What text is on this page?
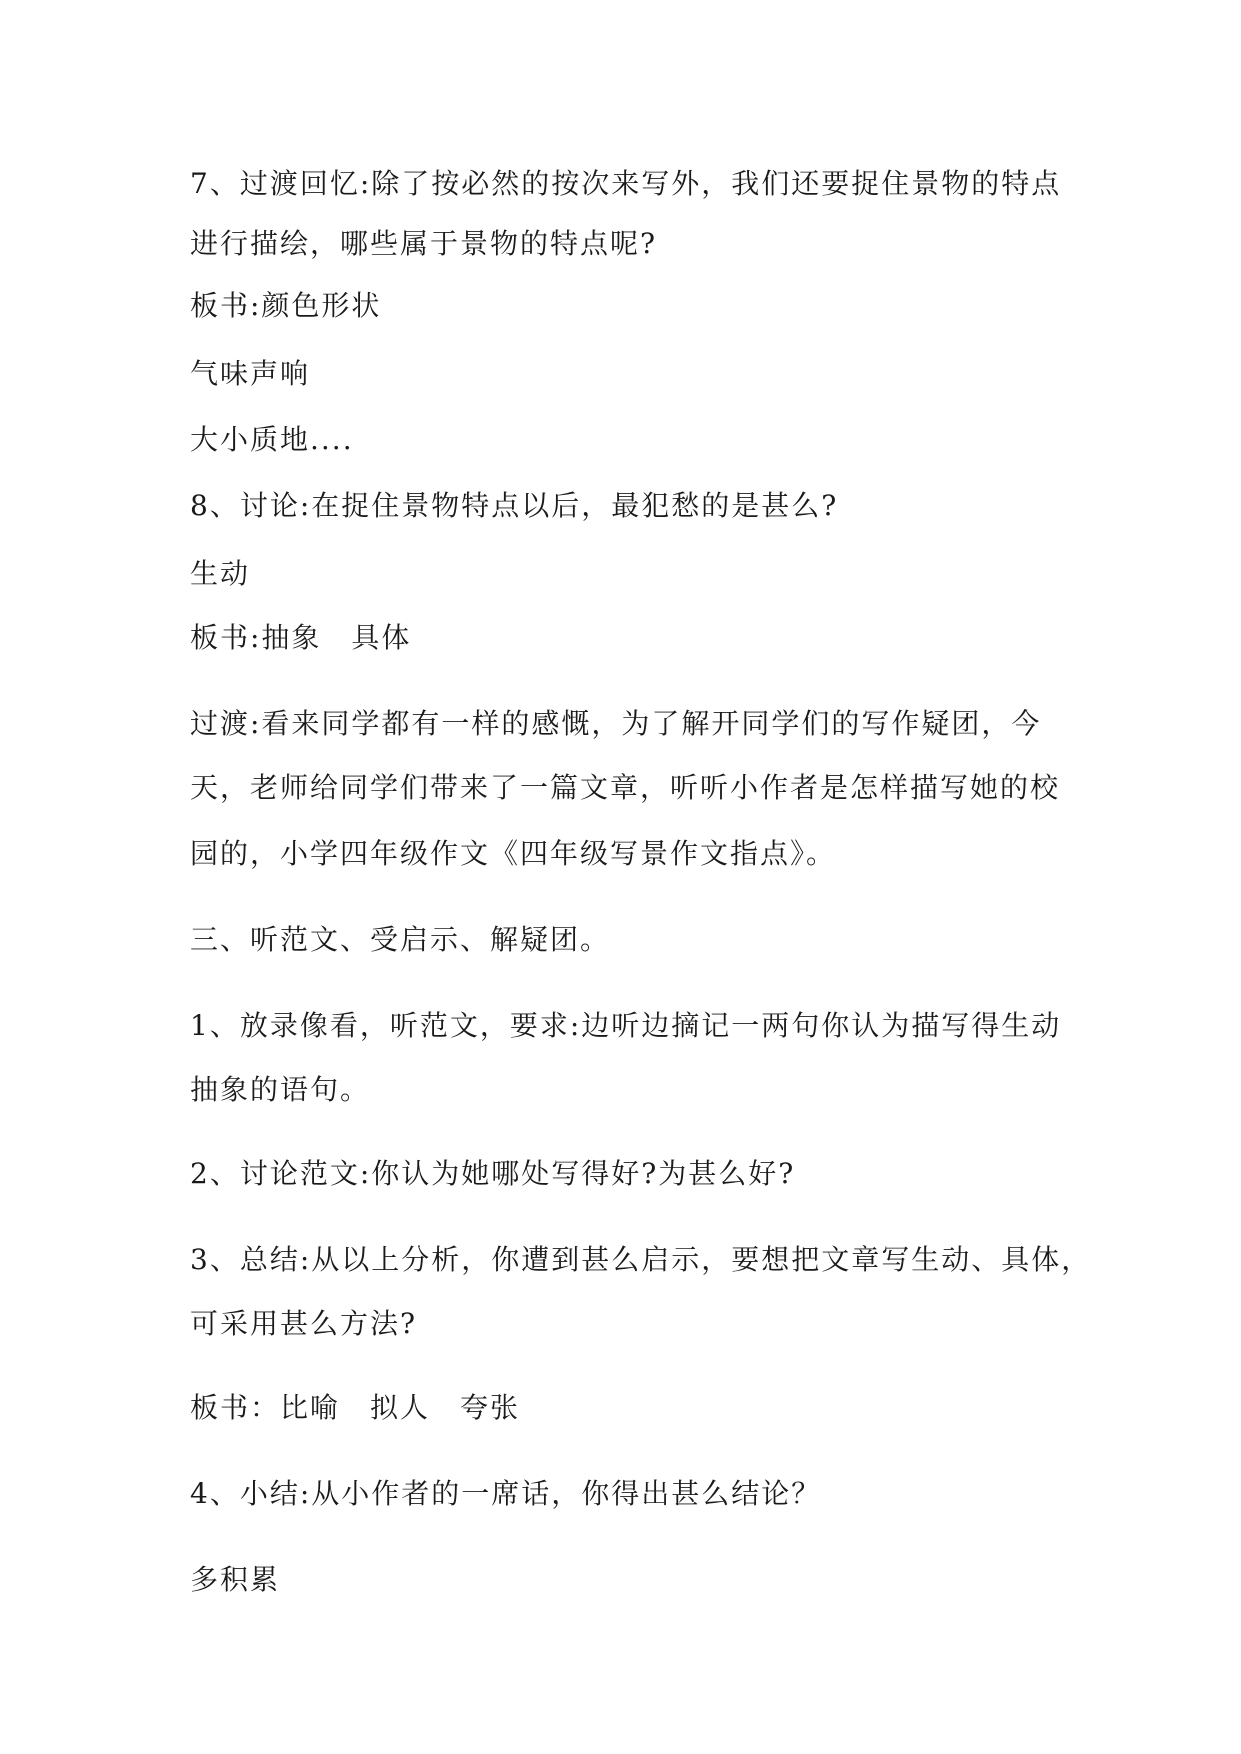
7、过渡回忆:除了按必然的按次来写外，我们还要捉住景物的特点
进行描绘，哪些属于景物的特点呢?
板书:颜色形状
气味声响
大小质地....
8、讨论:在捉住景物特点以后，最犯愁的是甚么?
生动
板书:抽象　具体
过渡:看来同学都有一样的感慨，为了解开同学们的写作疑团，今
天，老师给同学们带来了一篇文章，听听小作者是怎样描写她的校
园的，小学四年级作文《四年级写景作文指点》。
三、听范文、受启示、解疑团。
1、放录像看，听范文，要求:边听边摘记一两句你认为描写得生动
抽象的语句。
2、讨论范文:你认为她哪处写得好?为甚么好?
3、总结:从以上分析，你遭到甚么启示，要想把文章写生动、具体，
可采用甚么方法?
板书：比喻　拟人　夸张
4、小结:从小作者的一席话，你得出甚么结论？
多积累
